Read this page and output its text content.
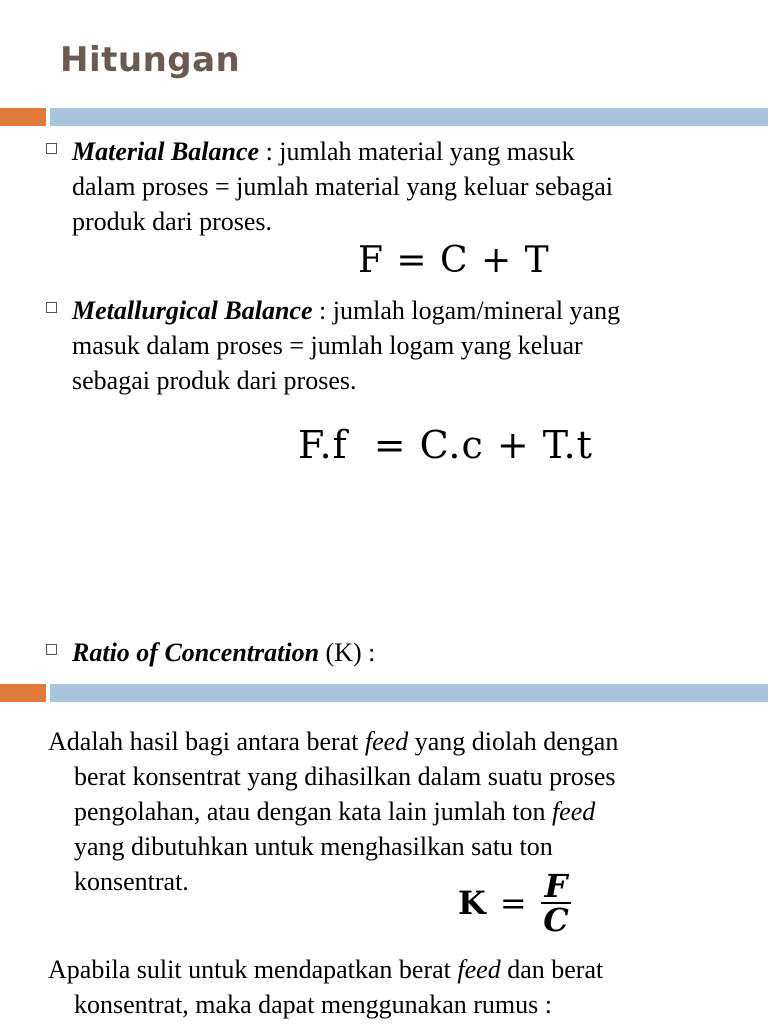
Hitungan
Material Balance : jumlah material yang masuk
dalam proses = jumlah material yang keluar sebagai
produk dari proses.
F = C + T
Metallurgical Balance : jumlah logam/mineral yang
masuk dalam proses = jumlah logam yang keluar
sebagai produk dari proses.
F.f  = C.c + T.t
Ratio of Concentration (K) :
Adalah hasil bagi antara berat feed yang diolah dengan
berat konsentrat yang dihasilkan dalam suatu proses
pengolahan, atau dengan kata lain jumlah ton feed
yang dibutuhkan untuk menghasilkan satu ton
konsentrat.
$K = \frac{F}{C}$
Apabila sulit untuk mendapatkan berat feed dan berat
konsentrat, maka dapat menggunakan rumus :
